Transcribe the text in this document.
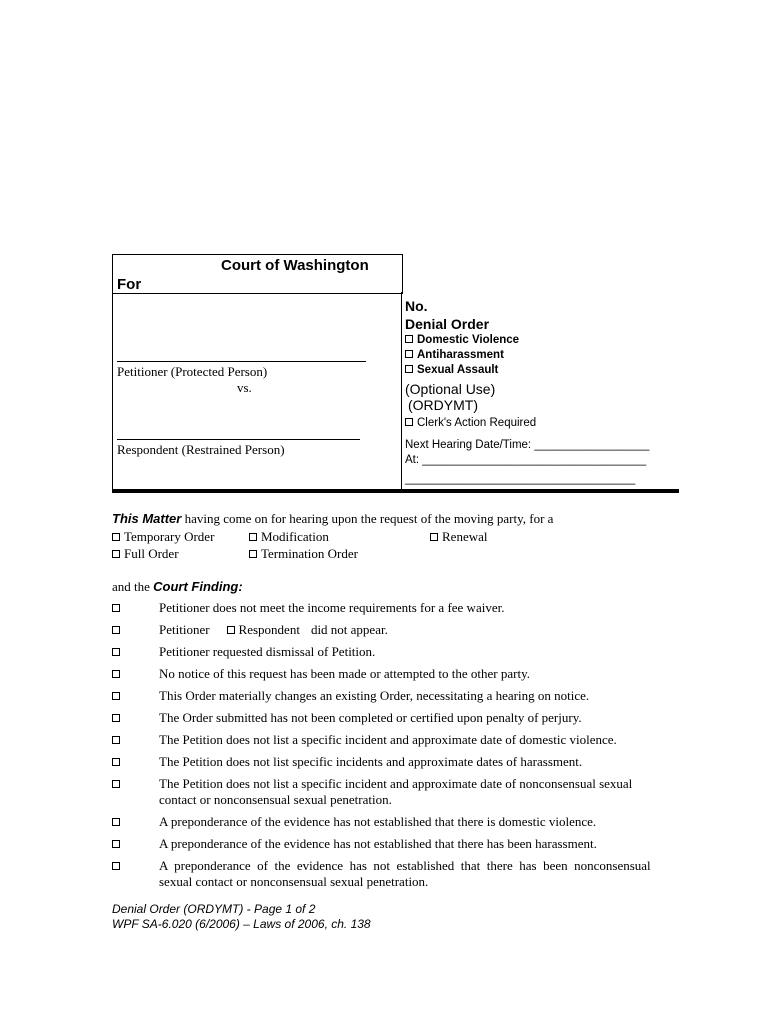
Court of Washington
For
Petitioner (Protected Person)
vs.
Respondent (Restrained Person)
No.
Denial Order
Domestic Violence
Antiharassment
Sexual Assault
(Optional Use)
(ORDYMT)
Clerk's Action Required
Next Hearing Date/Time: __________________
At: ___________________________________
____________________________________
This Matter having come on for hearing upon the request of the moving party, for a
Temporary Order	Modification	Renewal
Full Order	Termination Order
and the Court Finding:
Petitioner does not meet the income requirements for a fee waiver.
Petitioner Respondent did not appear.
Petitioner requested dismissal of Petition.
No notice of this request has been made or attempted to the other party.
This Order materially changes an existing Order, necessitating a hearing on notice.
The Order submitted has not been completed or certified upon penalty of perjury.
The Petition does not list a specific incident and approximate date of domestic violence.
The Petition does not list specific incidents and approximate dates of harassment.
The Petition does not list a specific incident and approximate date of nonconsensual sexual
contact or nonconsensual sexual penetration.
A preponderance of the evidence has not established that there is domestic violence.
A preponderance of the evidence has not established that there has been harassment.
A  preponderance  of  the  evidence  has  not  established  that  there  has  been  nonconsensual
sexual contact or nonconsensual sexual penetration.
Denial Order (ORDYMT) - Page 1 of 2
WPF SA-6.020 (6/2006) – Laws of 2006, ch. 138
